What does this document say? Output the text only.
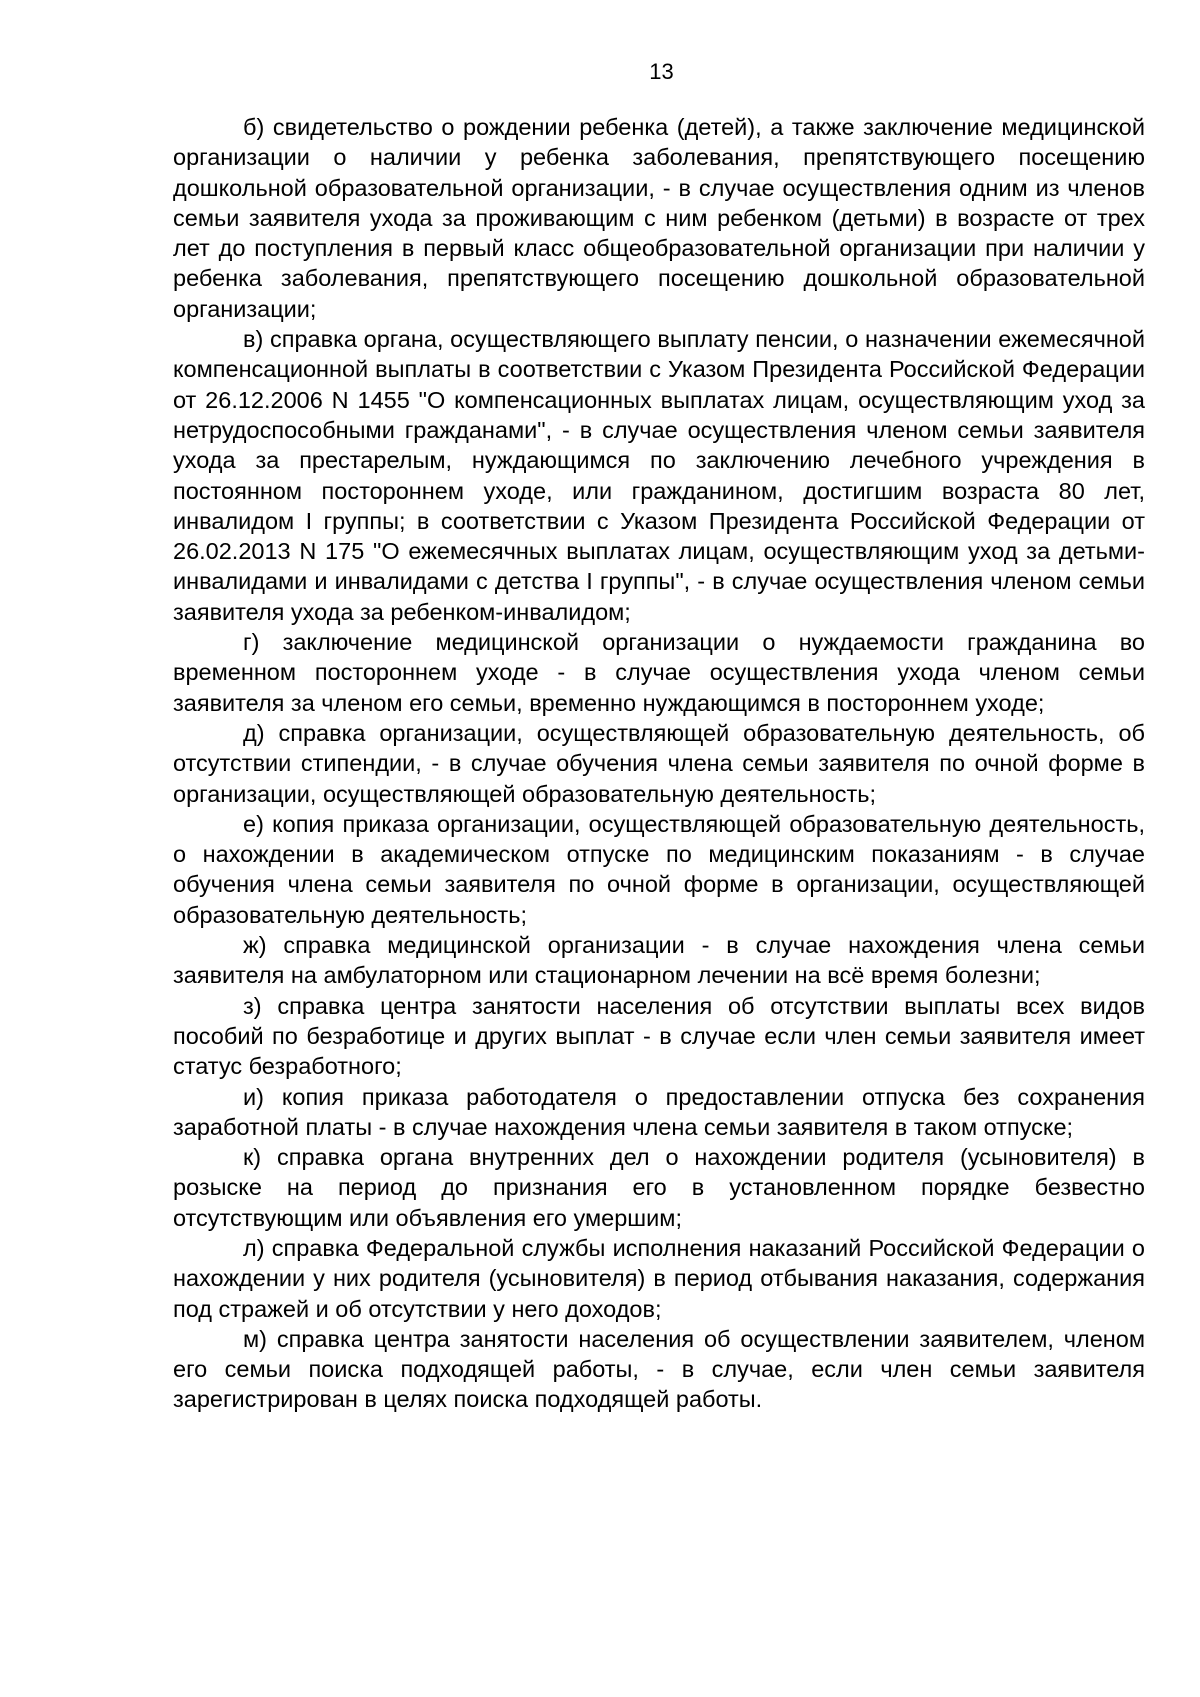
13

б) свидетельство о рождении ребенка (детей), а также заключение медицинской организации о наличии у ребенка заболевания, препятствующего посещению дошкольной образовательной организации, - в случае осуществления одним из членов семьи заявителя ухода за проживающим с ним ребенком (детьми) в возрасте от трех лет до поступления в первый класс общеобразовательной организации при наличии у ребенка заболевания, препятствующего посещению дошкольной образовательной организации;

в) справка органа, осуществляющего выплату пенсии, о назначении ежемесячной компенсационной выплаты в соответствии с Указом Президента Российской Федерации от 26.12.2006 N 1455 "О компенсационных выплатах лицам, осуществляющим уход за нетрудоспособными гражданами", - в случае осуществления членом семьи заявителя ухода за престарелым, нуждающимся по заключению лечебного учреждения в постоянном постороннем уходе, или гражданином, достигшим возраста 80 лет, инвалидом I группы; в соответствии с Указом Президента Российской Федерации от 26.02.2013 N 175 "О ежемесячных выплатах лицам, осуществляющим уход за детьми-инвалидами и инвалидами с детства I группы", - в случае осуществления членом семьи заявителя ухода за ребенком-инвалидом;

г) заключение медицинской организации о нуждаемости гражданина во временном постороннем уходе - в случае осуществления ухода членом семьи заявителя за членом его семьи, временно нуждающимся в постороннем уходе;

д) справка организации, осуществляющей образовательную деятельность, об отсутствии стипендии, - в случае обучения члена семьи заявителя по очной форме в организации, осуществляющей образовательную деятельность;

е) копия приказа организации, осуществляющей образовательную деятельность, о нахождении в академическом отпуске по медицинским показаниям - в случае обучения члена семьи заявителя по очной форме в организации, осуществляющей образовательную деятельность;

ж) справка медицинской организации - в случае нахождения члена семьи заявителя на амбулаторном или стационарном лечении на всё время болезни;

з) справка центра занятости населения об отсутствии выплаты всех видов пособий по безработице и других выплат - в случае если член семьи заявителя имеет статус безработного;

и) копия приказа работодателя о предоставлении отпуска без сохранения заработной платы - в случае нахождения члена семьи заявителя в таком отпуске;

к) справка органа внутренних дел о нахождении родителя (усыновителя) в розыске на период до признания его в установленном порядке безвестно отсутствующим или объявления его умершим;

л) справка Федеральной службы исполнения наказаний Российской Федерации о нахождении у них родителя (усыновителя) в период отбывания наказания, содержания под стражей и об отсутствии у него доходов;

м) справка центра занятости населения об осуществлении заявителем, членом его семьи поиска подходящей работы, - в случае, если член семьи заявителя зарегистрирован в целях поиска подходящей работы.
